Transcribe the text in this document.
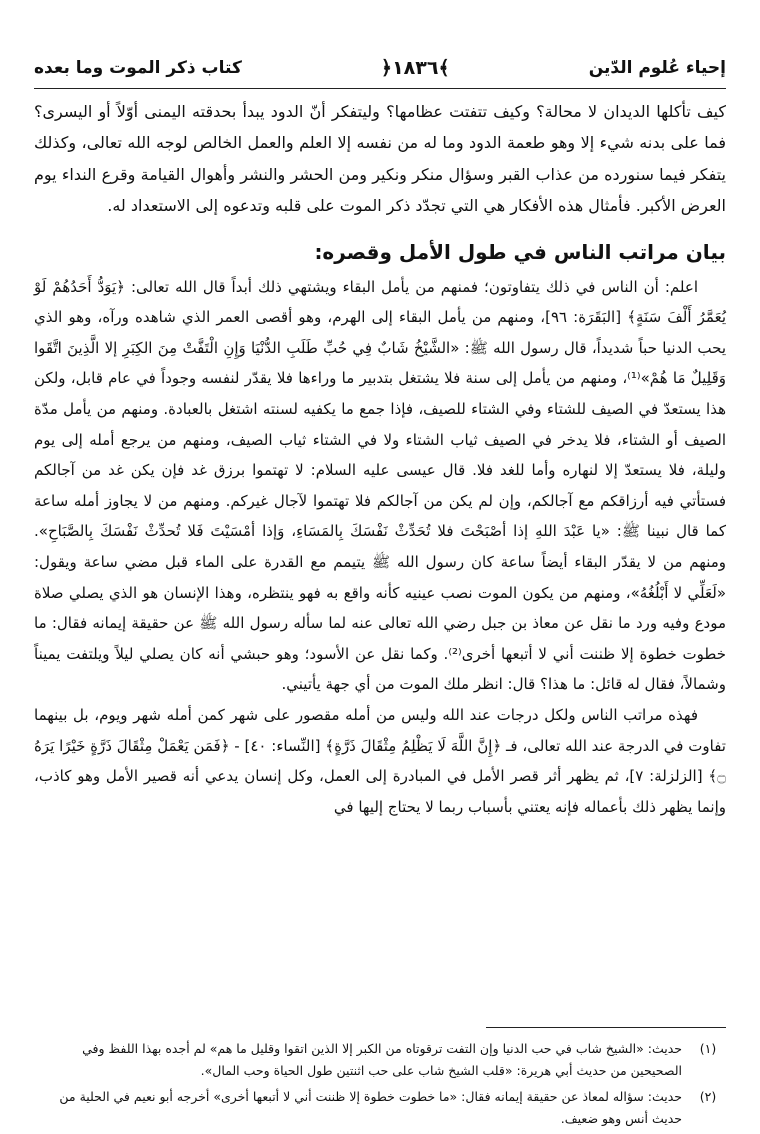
إحياء عُلوم الدّين
﴿١٨٣٦﴾
كتاب ذكر الموت وما بعده

كيف تأكلها الديدان لا محالة؟ وكيف تتفتت عظامها؟ وليتفكر أنّ الدود يبدأ بحدقته اليمنى أوّلاً أو اليسرى؟ فما على بدنه شيء إلا وهو طعمة الدود وما له من نفسه إلا العلم والعمل الخالص لوجه الله تعالى، وكذلك يتفكر فيما سنورده من عذاب القبر وسؤال منكر ونكير ومن الحشر والنشر وأهوال القيامة وقرع النداء يوم العرض الأكبر. فأمثال هذه الأفكار هي التي تجدّد ذكر الموت على قلبه وتدعوه إلى الاستعداد له.

بيان مراتب الناس في طول الأمل وقصره:

اعلم: أن الناس في ذلك يتفاوتون؛ فمنهم من يأمل البقاء ويشتهي ذلك أبداً قال الله تعالى: ﴿يَوَدُّ أَحَدُهُمْ لَوْ يُعَمَّرُ أَلْفَ سَنَةٍ﴾ [البَقَرَة: ٩٦]، ومنهم من يأمل البقاء إلى الهرم، وهو أقصى العمر الذي شاهده ورآه، وهو الذي يحب الدنيا حباً شديداً، قال رسول الله ﷺ: «الشَّيْخُ شَابٌ فِي حُبِّ طَلَبِ الدُّنْيَا وَإِنِ الْتَفَّتْ مِنَ الكِبَرِ إلا الَّذِينَ اتَّقَوا وَقَلِيلٌ مَا هُمْ»⁽¹⁾، ومنهم من يأمل إلى سنة فلا يشتغل بتدبير ما وراءها فلا يقدّر لنفسه وجوداً في عام قابل، ولكن هذا يستعدّ في الصيف للشتاء وفي الشتاء للصيف، فإذا جمع ما يكفيه لسنته اشتغل بالعبادة. ومنهم من يأمل مدّة الصيف أو الشتاء، فلا يدخر في الصيف ثياب الشتاء ولا في الشتاء ثياب الصيف، ومنهم من يرجع أمله إلى يوم وليلة، فلا يستعدّ إلا لنهاره وأما للغد فلا. قال عيسى عليه السلام: لا تهتموا برزق غد فإن يكن غد من آجالكم فستأتي فيه أرزاقكم مع آجالكم، وإن لم يكن من آجالكم فلا تهتموا لآجال غيركم. ومنهم من لا يجاوز أمله ساعة كما قال نبينا ﷺ: «يا عَبْدَ اللهِ إذا أصْبَحْتَ فلا تُحَدِّثْ نَفْسَكَ بِالمَسَاءِ، وَإذا أمْسَيْتَ فَلا تُحدِّثْ نَفْسَكَ بِالصَّبَاحِ». ومنهم من لا يقدّر البقاء أيضاً ساعة كان رسول الله ﷺ يتيمم مع القدرة على الماء قبل مضي ساعة ويقول: «لَعَلِّي لا أَبْلُغُهُ»، ومنهم من يكون الموت نصب عينيه كأنه واقع به فهو ينتظره، وهذا الإنسان هو الذي يصلي صلاة مودع وفيه ورد ما نقل عن معاذ بن جبل رضي الله تعالى عنه لما سأله رسول الله ﷺ عن حقيقة إيمانه فقال: ما خطوت خطوة إلا ظننت أني لا أتبعها أخرى⁽²⁾. وكما نقل عن الأسود؛ وهو حبشي أنه كان يصلي ليلاً ويلتفت يميناً وشمالاً، فقال له قائل: ما هذا؟ قال: انظر ملك الموت من أي جهة يأتيني.

فهذه مراتب الناس ولكل درجات عند الله وليس من أمله مقصور على شهر كمن أمله شهر ويوم، بل بينهما تفاوت في الدرجة عند الله تعالى، فـ ﴿إِنَّ اللَّهَ لَا يَظْلِمُ مِثْقَالَ ذَرَّةٍ﴾ [النِّساء: ٤٠] - ﴿فَمَن يَعْمَلْ مِثْقَالَ ذَرَّةٍ خَيْرًا يَرَهُ ۝﴾ [الزلزلة: ٧]، ثم يظهر أثر قصر الأمل في المبادرة إلى العمل، وكل إنسان يدعي أنه قصير الأمل وهو كاذب، وإنما يظهر ذلك بأعماله فإنه يعتني بأسباب ربما لا يحتاج إليها في

(١)
حديث: «الشيخ شاب في حب الدنيا وإن التفت ترقوتاه من الكبر إلا الذين اتقوا وقليل ما هم» لم أجده بهذا اللفظ وفي الصحيحين من حديث أبي هريرة: «قلب الشيخ شاب على حب اثنتين طول الحياة وحب المال».
(٢)
حديث: سؤاله لمعاذ عن حقيقة إيمانه فقال: «ما خطوت خطوة إلا ظننت أني لا أتبعها أخرى» أخرجه أبو نعيم في الحلية من حديث أنس وهو ضعيف.
